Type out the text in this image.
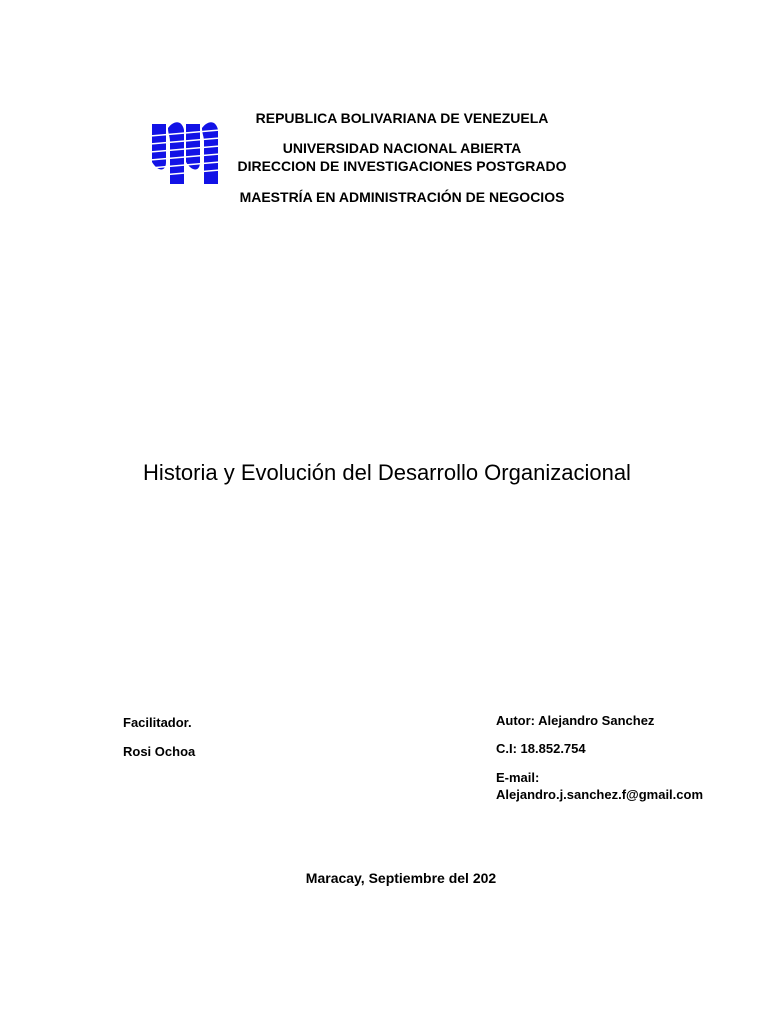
REPUBLICA BOLIVARIANA DE VENEZUELA
UNIVERSIDAD NACIONAL ABIERTA
DIRECCION DE INVESTIGACIONES POSTGRADO
MAESTRÍA EN ADMINISTRACIÓN DE NEGOCIOS
Historia y Evolución del Desarrollo Organizacional
Facilitador.
Rosi Ochoa
Autor: Alejandro Sanchez
C.I: 18.852.754
E-mail:
Alejandro.j.sanchez.f@gmail.com
Maracay, Septiembre del 202
